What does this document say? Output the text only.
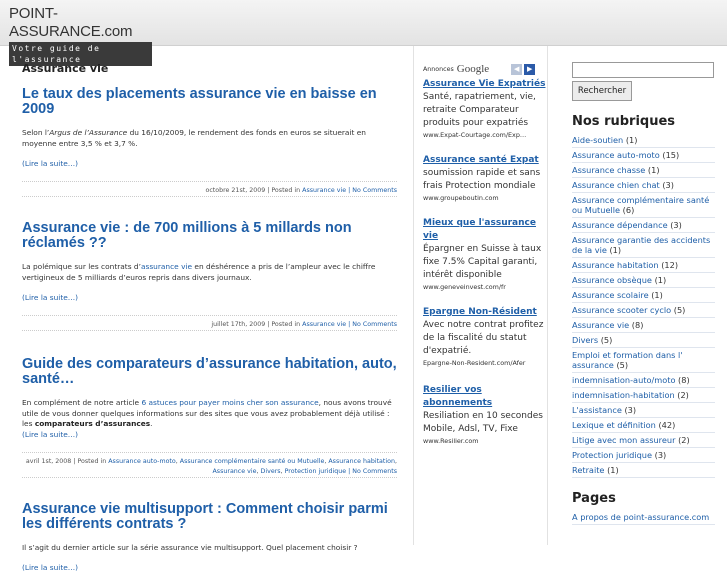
POINT-ASSURANCE.com
Votre guide de l'assurance
Assurance vie
Le taux des placements assurance vie en baisse en 2009

Selon l’Argus de l’Assurance du 16/10/2009, le rendement des fonds en euros se situerait en moyenne entre 3,5 % et 3,7 %.

(Lire la suite…)
octobre 21st, 2009 | Posted in Assurance vie | No Comments
Assurance vie : de 700 millions à 5 millards non réclamés ??

La polémique sur les contrats d’assurance vie en déshérence a pris de l’ampleur avec le chiffre vertigineux de 5 milliards d’euros repris dans divers journaux.

(Lire la suite…)
juillet 17th, 2009 | Posted in Assurance vie | No Comments
Guide des comparateurs d’assurance habitation, auto, santé…

En complément de notre article 6 astuces pour payer moins cher son assurance, nous avons trouvé utile de vous donner quelques informations sur des sites que vous avez probablement déjà utilisé : les comparateurs d’assurances.

(Lire la suite…)
avril 1st, 2008 | Posted in Assurance auto-moto, Assurance complémentaire santé ou Mutuelle, Assurance habitation, Assurance vie, Divers, Protection juridique | No Comments
Assurance vie multisupport : Comment choisir parmi les différents contrats ?

Il s’agit du dernier article sur la série assurance vie multisupport. Quel placement choisir ?

(Lire la suite…)
Annonces Google	◀	▶
Assurance Vie Expatriés
Santé, rapatriement, vie, retraite Comparateur produits pour expatriés
www.Expat-Courtage.com/Exp…
Assurance santé Expat
soumission rapide et sans frais Protection mondiale
www.groupeboutin.com
Mieux que l'assurance vie
Épargner en Suisse à taux fixe 7.5% Capital garanti, intérêt disponible
www.geneveinvest.com/fr
Epargne Non-Résident
Avec notre contrat profitez de la fiscalité du statut d'expatrié.
Epargne-Non-Resident.com/Afer
Resilier vos abonnements
Resiliation en 10 secondes Mobile, Adsl, TV, Fixe
www.Resilier.com
Rechercher
Nos rubriques
Aide-soutien (1)
Assurance auto-moto (15)
Assurance chasse (1)
Assurance chien chat (3)
Assurance complémentaire santé ou Mutuelle (6)
Assurance dépendance (3)
Assurance garantie des accidents de la vie (1)
Assurance habitation (12)
Assurance obsèque (1)
Assurance scolaire (1)
Assurance scooter cyclo (5)
Assurance vie (8)
Divers (5)
Emploi et formation dans l' assurance (5)
indemnisation-auto/moto (8)
indemnisation-habitation (2)
L'assistance (3)
Lexique et définition (42)
Litige avec mon assureur (2)
Protection juridique (3)
Retraite (1)
Pages
A propos de point-assurance.com
